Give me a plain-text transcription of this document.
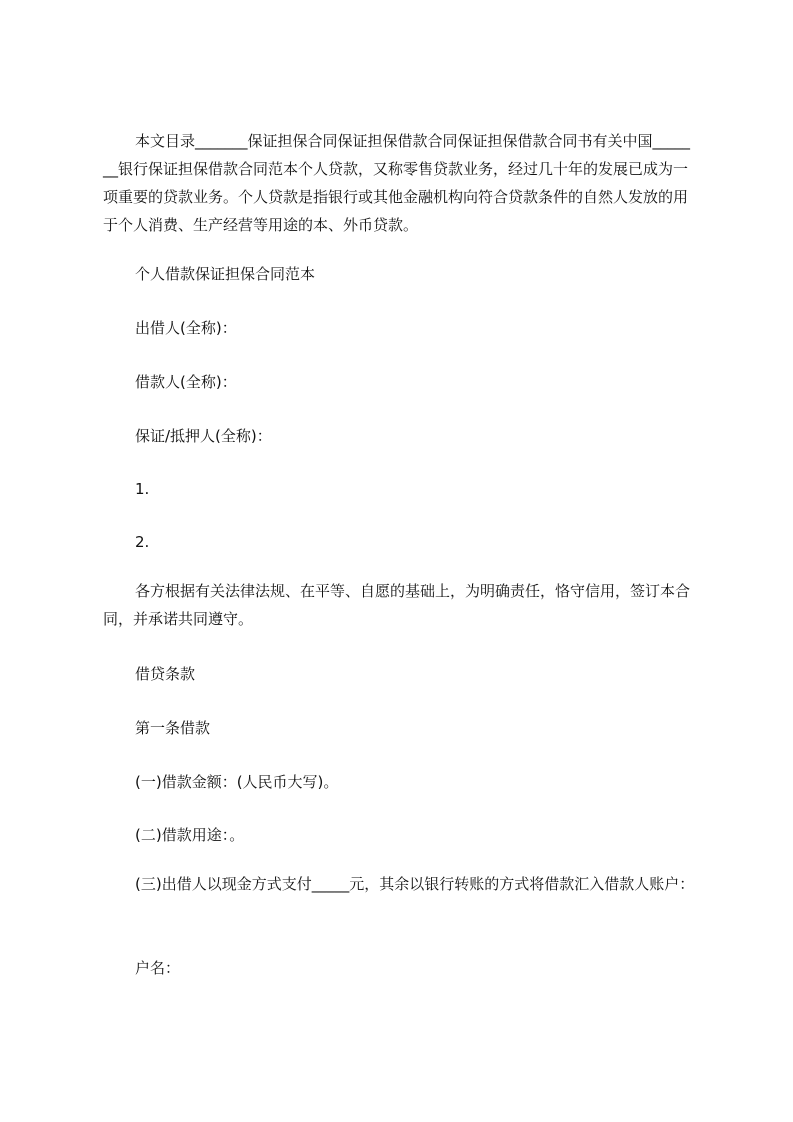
本文目录_______保证担保合同保证担保借款合同保证担保借款合同书有关中国_______银行保证担保借款合同范本个人贷款，又称零售贷款业务，经过几十年的发展已成为一项重要的贷款业务。个人贷款是指银行或其他金融机构向符合贷款条件的自然人发放的用于个人消费、生产经营等用途的本、外币贷款。

个人借款保证担保合同范本

出借人(全称)：

借款人(全称)：

保证/抵押人(全称)：

1.

2.

各方根据有关法律法规、在平等、自愿的基础上，为明确责任，恪守信用，签订本合同，并承诺共同遵守。

借贷条款

第一条借款

(一)借款金额：(人民币大写)。

(二)借款用途：。

(三)出借人以现金方式支付_____元，其余以银行转账的方式将借款汇入借款人账户：

户名：
